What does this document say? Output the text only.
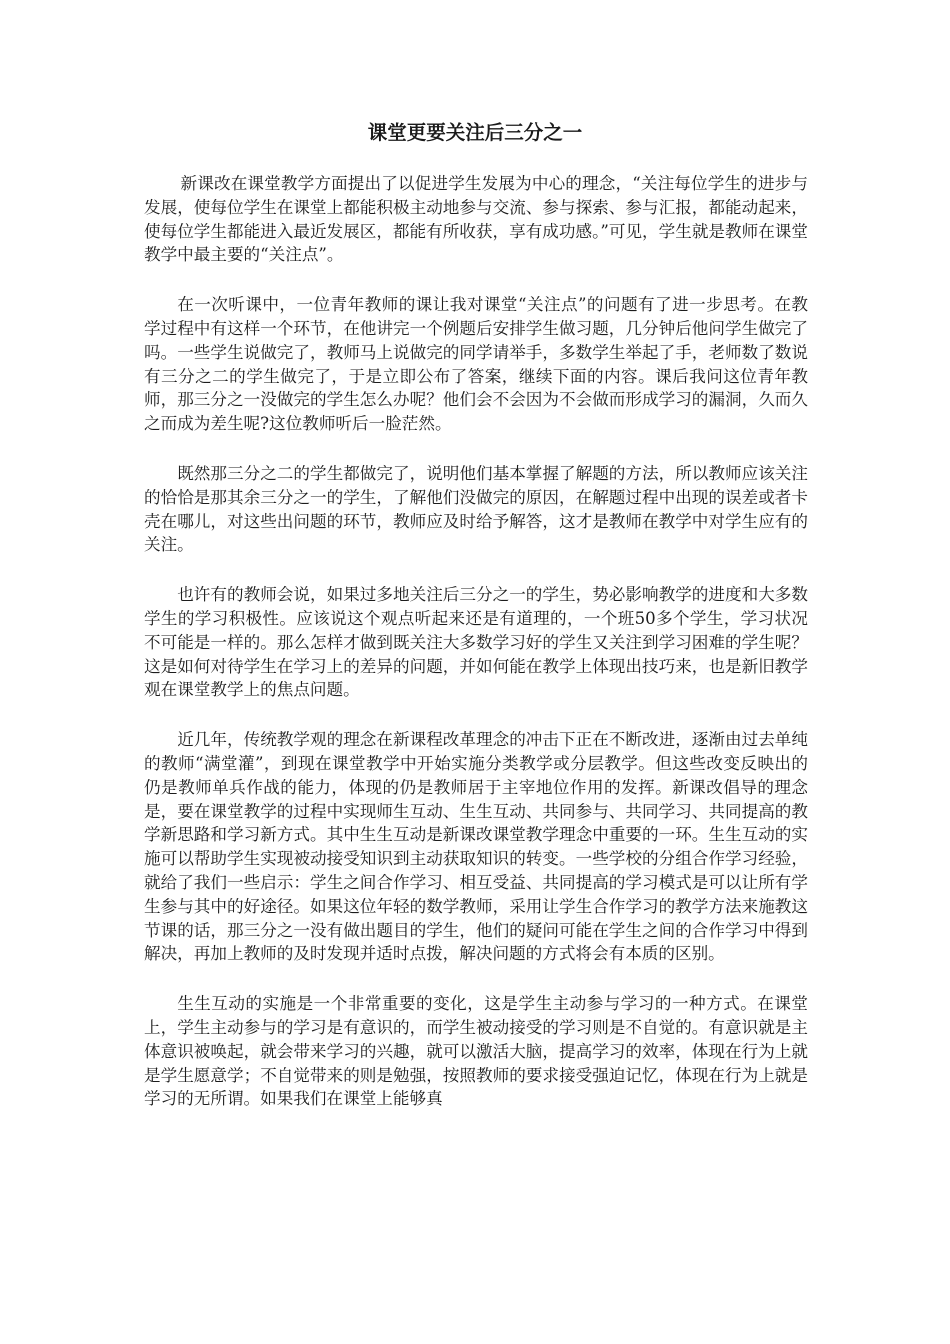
课堂更要关注后三分之一

新课改在课堂教学方面提出了以促进学生发展为中心的理念，“关注每位学生的进步与发展，使每位学生在课堂上都能积极主动地参与交流、参与探索、参与汇报，都能动起来，使每位学生都能进入最近发展区，都能有所收获，享有成功感。”可见，学生就是教师在课堂教学中最主要的“关注点”。

在一次听课中，一位青年教师的课让我对课堂“关注点”的问题有了进一步思考。在教学过程中有这样一个环节，在他讲完一个例题后安排学生做习题，几分钟后他问学生做完了吗。一些学生说做完了，教师马上说做完的同学请举手，多数学生举起了手，老师数了数说有三分之二的学生做完了，于是立即公布了答案，继续下面的内容。课后我问这位青年教师，那三分之一没做完的学生怎么办呢？他们会不会因为不会做而形成学习的漏洞，久而久之而成为差生呢?这位教师听后一脸茫然。

既然那三分之二的学生都做完了，说明他们基本掌握了解题的方法，所以教师应该关注的恰恰是那其余三分之一的学生，了解他们没做完的原因，在解题过程中出现的误差或者卡壳在哪儿，对这些出问题的环节，教师应及时给予解答，这才是教师在教学中对学生应有的关注。

也许有的教师会说，如果过多地关注后三分之一的学生，势必影响教学的进度和大多数学生的学习积极性。应该说这个观点听起来还是有道理的，一个班50多个学生，学习状况不可能是一样的。那么怎样才做到既关注大多数学习好的学生又关注到学习困难的学生呢？这是如何对待学生在学习上的差异的问题，并如何能在教学上体现出技巧来，也是新旧教学观在课堂教学上的焦点问题。

近几年，传统教学观的理念在新课程改革理念的冲击下正在不断改进，逐渐由过去单纯的教师“满堂灌”，到现在课堂教学中开始实施分类教学或分层教学。但这些改变反映出的仍是教师单兵作战的能力，体现的仍是教师居于主宰地位作用的发挥。新课改倡导的理念是，要在课堂教学的过程中实现师生互动、生生互动、共同参与、共同学习、共同提高的教学新思路和学习新方式。其中生生互动是新课改课堂教学理念中重要的一环。生生互动的实施可以帮助学生实现被动接受知识到主动获取知识的转变。一些学校的分组合作学习经验，就给了我们一些启示：学生之间合作学习、相互受益、共同提高的学习模式是可以让所有学生参与其中的好途径。如果这位年轻的数学教师，采用让学生合作学习的教学方法来施教这节课的话，那三分之一没有做出题目的学生，他们的疑问可能在学生之间的合作学习中得到解决，再加上教师的及时发现并适时点拨，解决问题的方式将会有本质的区别。

生生互动的实施是一个非常重要的变化，这是学生主动参与学习的一种方式。在课堂上，学生主动参与的学习是有意识的，而学生被动接受的学习则是不自觉的。有意识就是主体意识被唤起，就会带来学习的兴趣，就可以激活大脑，提高学习的效率，体现在行为上就是学生愿意学；不自觉带来的则是勉强，按照教师的要求接受强迫记忆，体现在行为上就是学习的无所谓。如果我们在课堂上能够真
